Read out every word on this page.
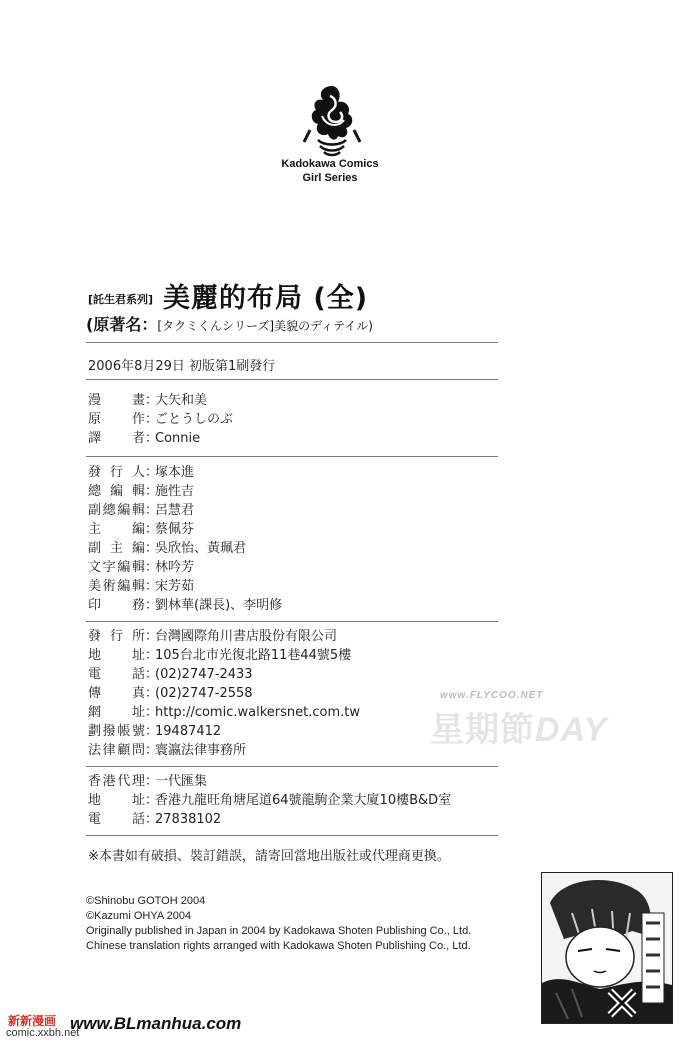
Kadokawa Comics
Girl Series
[託生君系列] 美麗的布局 (全)
(原著名：[タクミくんシリーズ]美貌のディテイル)
2006年8月29日 初版第1刷發行
漫畫：大矢和美
原作：ごとうしのぶ
譯者：Connie
發行人：塚本進
總編輯：施性吉
副總編輯：呂慧君
主編：蔡佩芬
副主編：吳欣怡、黃珮君
文字編輯：林吟芳
美術編輯：宋芳茹
印務：劉林華(課長)、李明修
發行所：台灣國際角川書店股份有限公司
地址：105台北市光復北路11巷44號5樓
電話：(02)2747-2433
傳真：(02)2747-2558
網址：http://comic.walkersnet.com.tw
劃撥帳號：19487412
法律顧問：寰瀛法律事務所
香港代理：一代匯集
地址：香港九龍旺角塘尾道64號龍駒企業大廈10樓B&D室
電話：27838102
※本書如有破損、裝訂錯誤，請寄回當地出版社或代理商更換。
©Shinobu GOTOH 2004
©Kazumi OHYA 2004
Originally published in Japan in 2004 by Kadokawa Shoten Publishing Co., Ltd.
Chinese translation rights arranged with Kadokawa Shoten Publishing Co., Ltd.
www.FLYCOO.NET
星期節DAY
新新漫画
comic.xxbh.net
www.BLmanhua.com
